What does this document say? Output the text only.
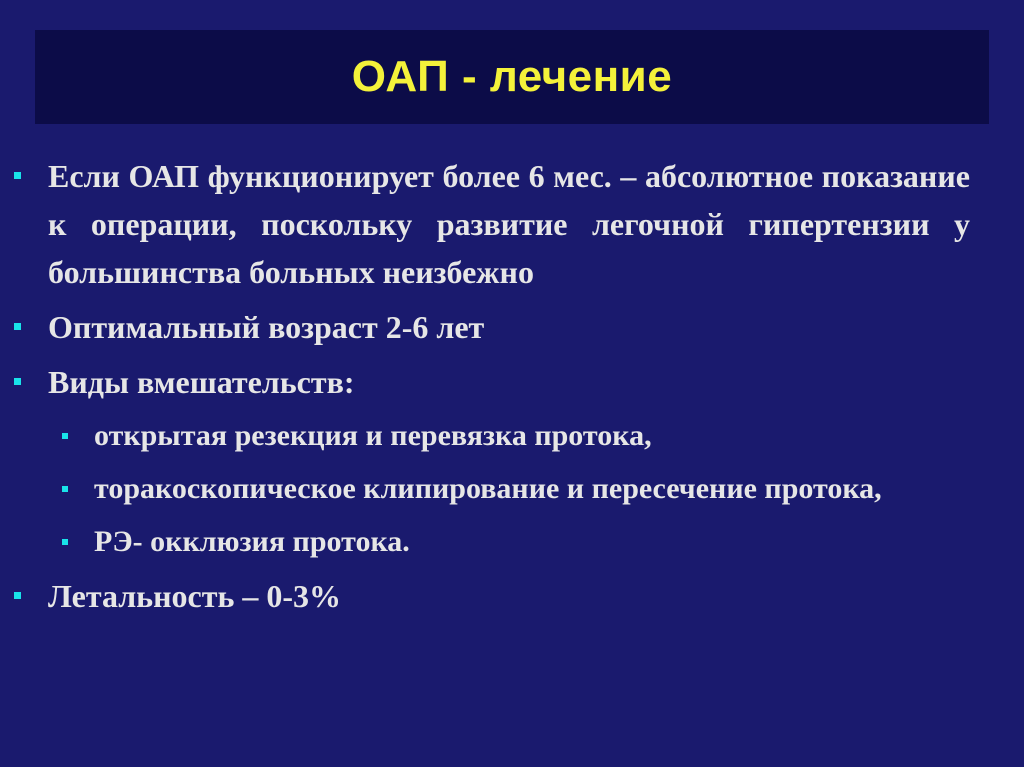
ОАП - лечение
Если ОАП функционирует более 6 мес. – абсолютное показание к операции, поскольку развитие легочной гипертензии у большинства больных неизбежно
Оптимальный возраст 2-6 лет
Виды вмешательств:
открытая резекция и перевязка протока,
торакоскопическое клипирование и пересечение протока,
РЭ- окклюзия протока.
Летальность – 0-3%
